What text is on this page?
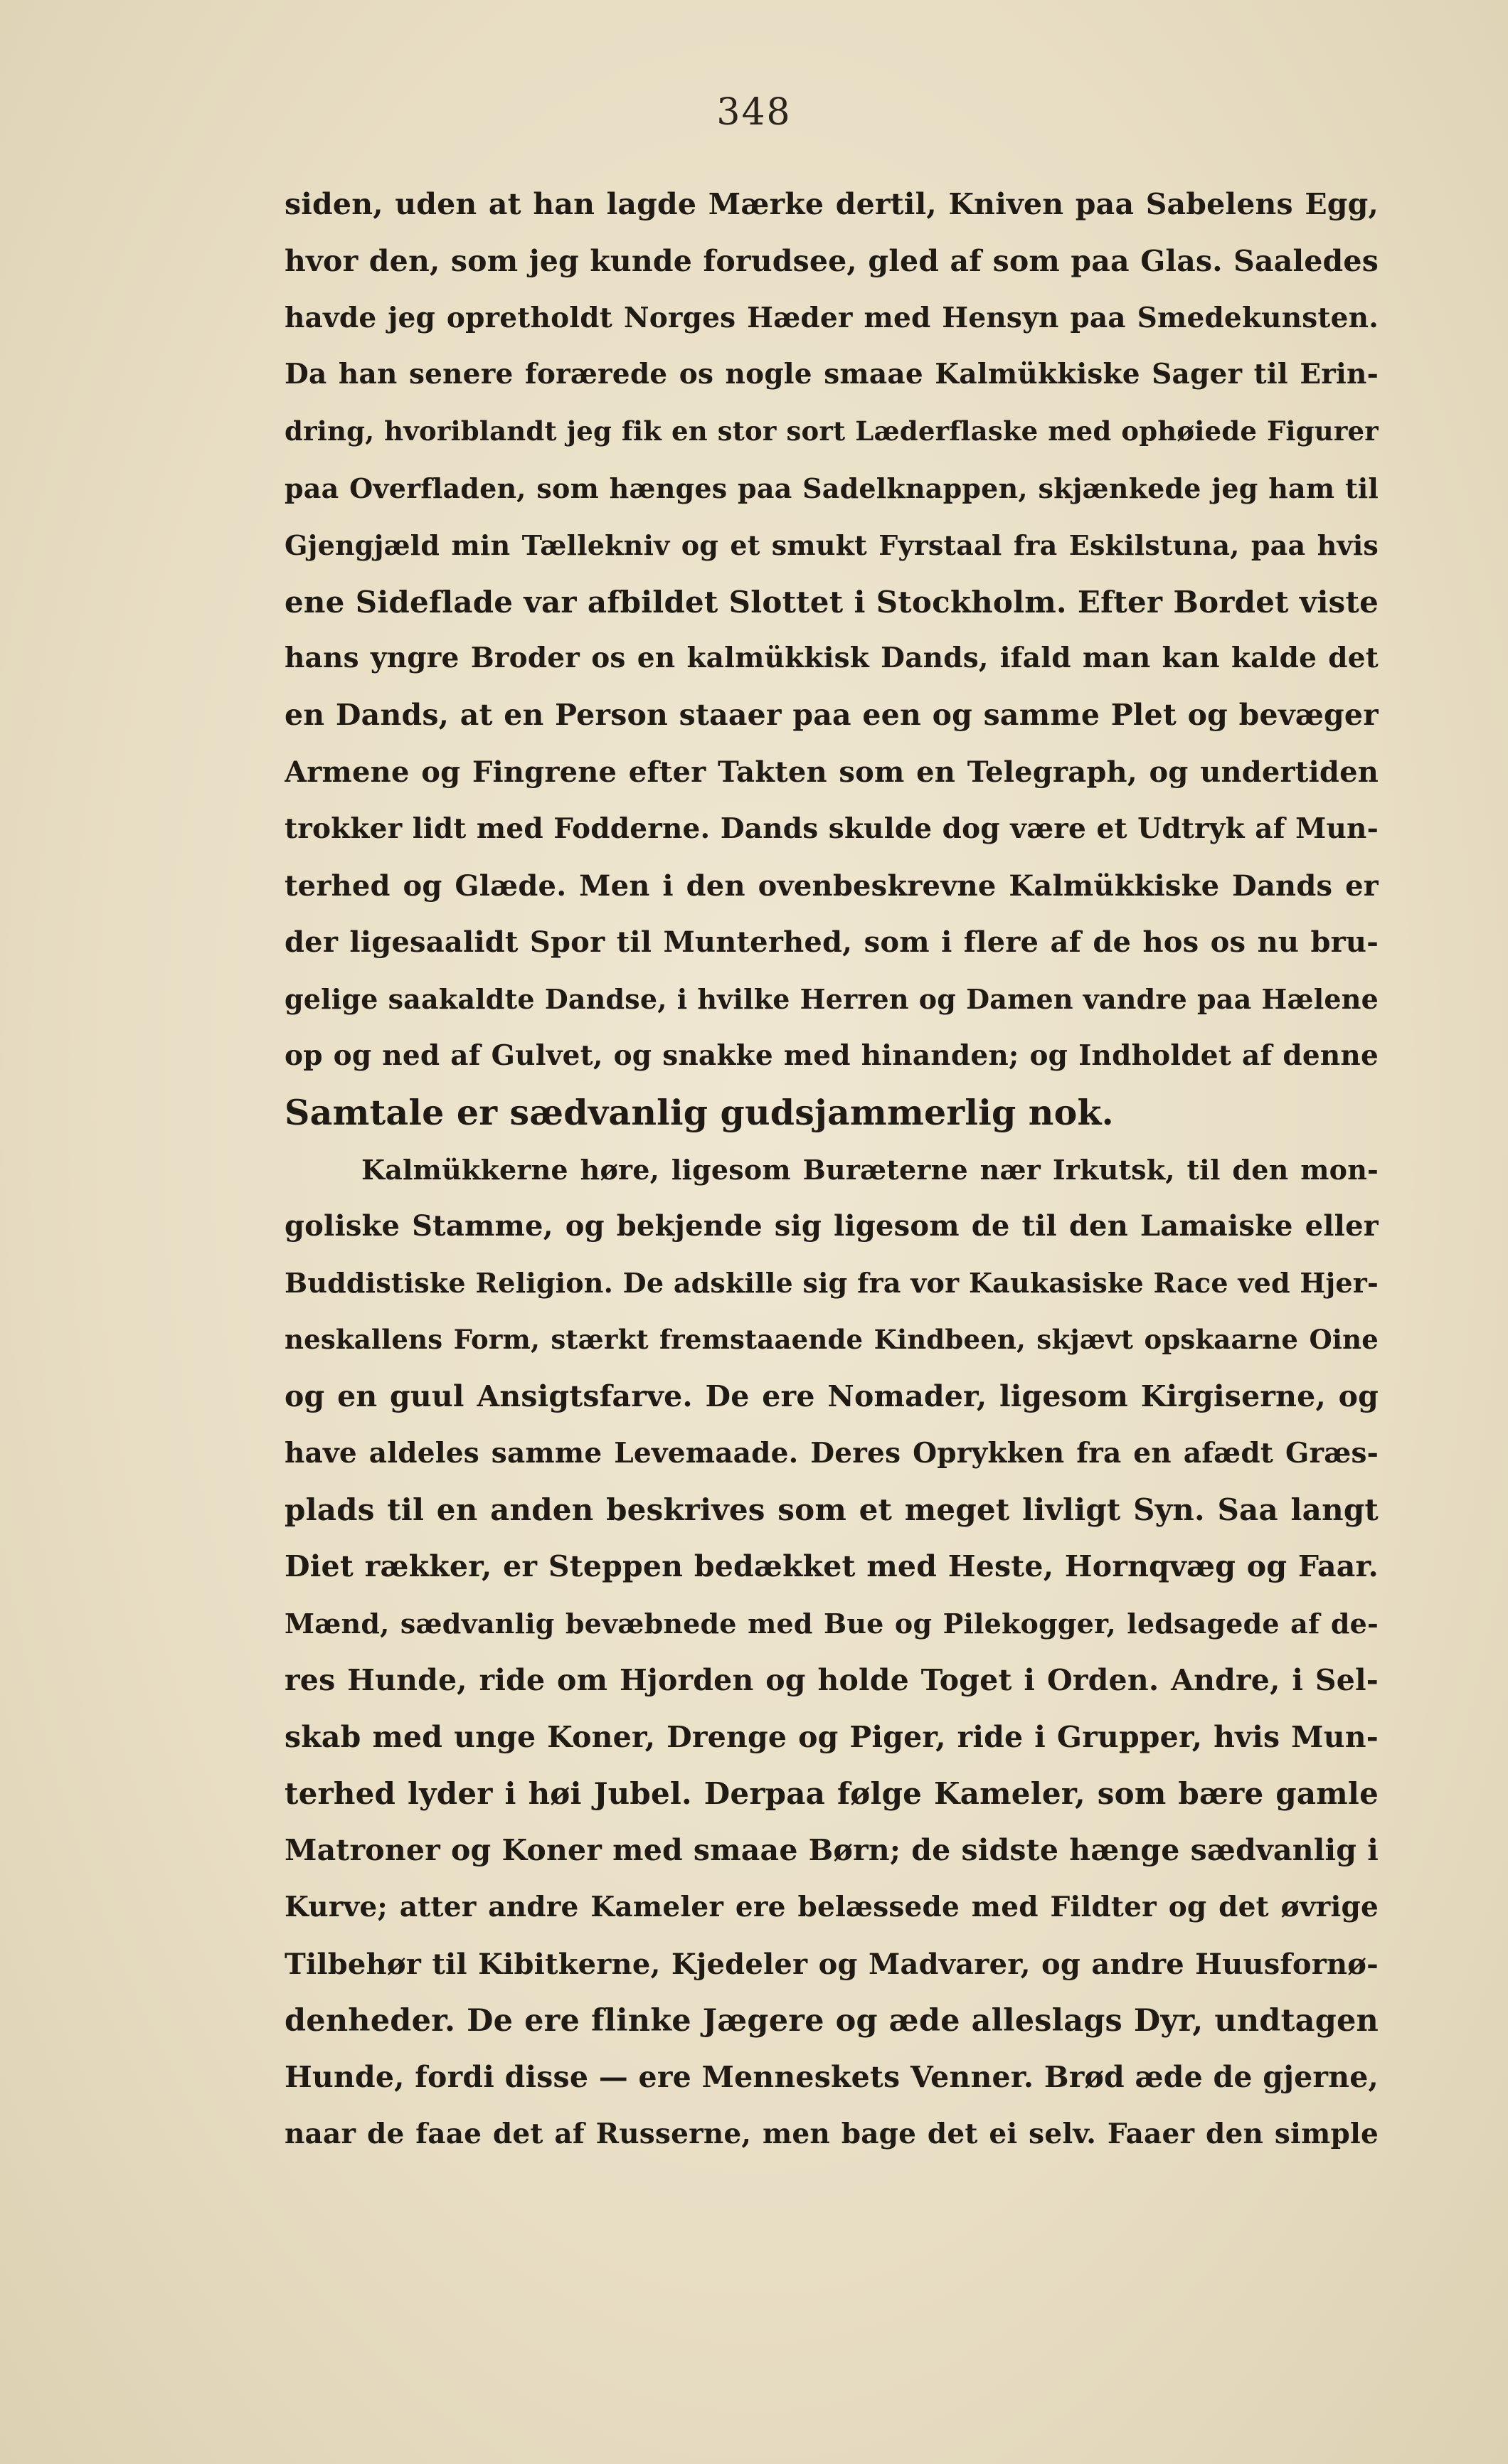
348
siden, uden at han lagde Mærke dertil, Kniven paa Sabelens Egg,
hvor den, som jeg kunde forudsee, gled af som paa Glas. Saaledes
havde jeg opretholdt Norges Hæder med Hensyn paa Smedekunsten.
Da han senere forærede os nogle smaae Kalmükkiske Sager til Erin-
dring, hvoriblandt jeg fik en stor sort Læderflaske med ophøiede Figurer
paa Overfladen, som hænges paa Sadelknappen, skjænkede jeg ham til
Gjengjæld min Tællekniv og et smukt Fyrstaal fra Eskilstuna, paa hvis
ene Sideflade var afbildet Slottet i Stockholm. Efter Bordet viste
hans yngre Broder os en kalmükkisk Dands, ifald man kan kalde det
en Dands, at en Person staaer paa een og samme Plet og bevæger
Armene og Fingrene efter Takten som en Telegraph, og undertiden
trokker lidt med Fodderne. Dands skulde dog være et Udtryk af Mun-
terhed og Glæde. Men i den ovenbeskrevne Kalmükkiske Dands er
der ligesaalidt Spor til Munterhed, som i flere af de hos os nu bru-
gelige saakaldte Dandse, i hvilke Herren og Damen vandre paa Hælene
op og ned af Gulvet, og snakke med hinanden; og Indholdet af denne
Samtale er sædvanlig gudsjammerlig nok.
Kalmükkerne høre, ligesom Buræterne nær Irkutsk, til den mon-
goliske Stamme, og bekjende sig ligesom de til den Lamaiske eller
Buddistiske Religion. De adskille sig fra vor Kaukasiske Race ved Hjer-
neskallens Form, stærkt fremstaaende Kindbeen, skjævt opskaarne Oine
og en guul Ansigtsfarve. De ere Nomader, ligesom Kirgiserne, og
have aldeles samme Levemaade. Deres Oprykken fra en afædt Græs-
plads til en anden beskrives som et meget livligt Syn. Saa langt
Diet rækker, er Steppen bedækket med Heste, Hornqvæg og Faar.
Mænd, sædvanlig bevæbnede med Bue og Pilekogger, ledsagede af de-
res Hunde, ride om Hjorden og holde Toget i Orden. Andre, i Sel-
skab med unge Koner, Drenge og Piger, ride i Grupper, hvis Mun-
terhed lyder i høi Jubel. Derpaa følge Kameler, som bære gamle
Matroner og Koner med smaae Børn; de sidste hænge sædvanlig i
Kurve; atter andre Kameler ere belæssede med Fildter og det øvrige
Tilbehør til Kibitkerne, Kjedeler og Madvarer, og andre Huusfornø-
denheder. De ere flinke Jægere og æde alleslags Dyr, undtagen
Hunde, fordi disse — ere Menneskets Venner. Brød æde de gjerne,
naar de faae det af Russerne, men bage det ei selv. Faaer den simple
